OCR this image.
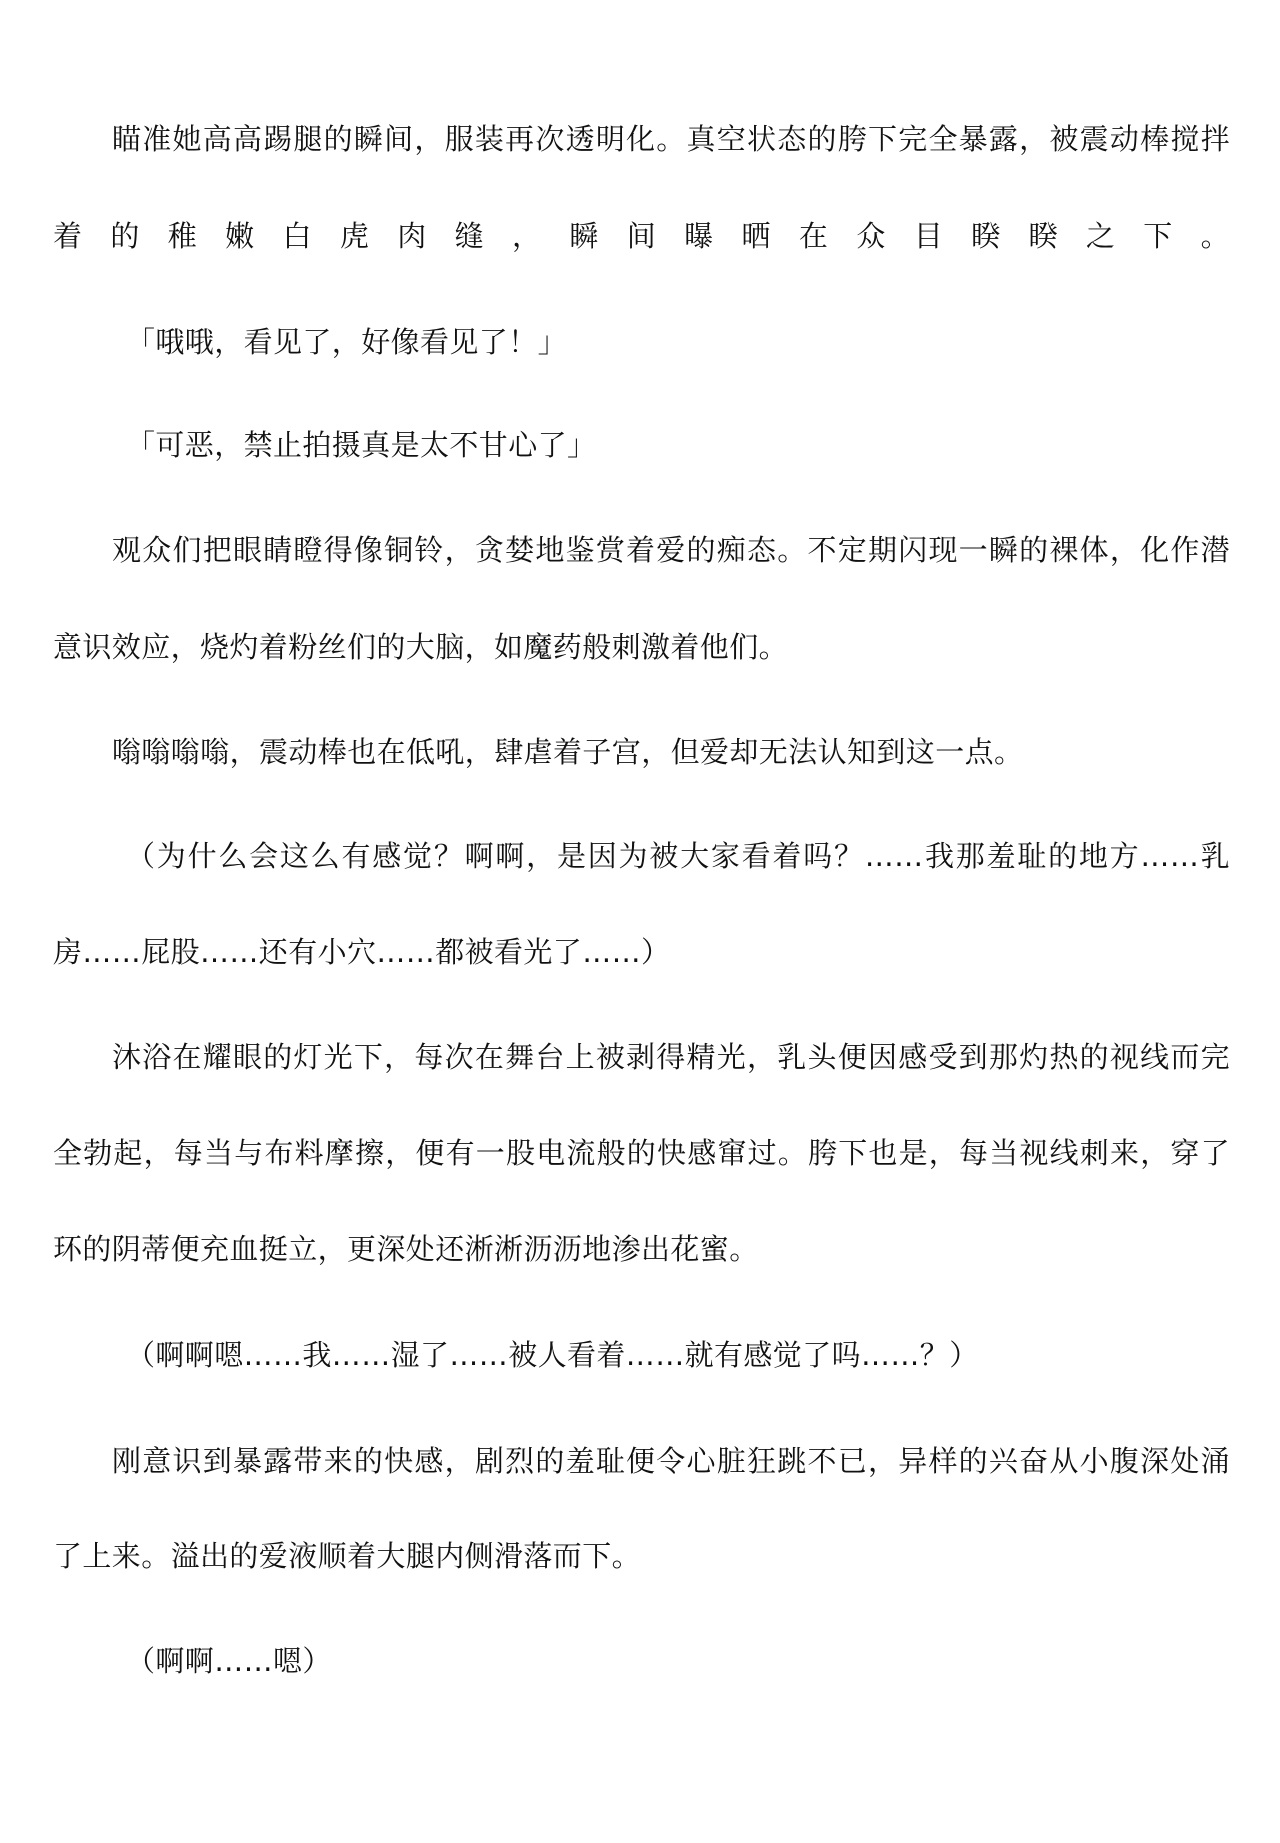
瞄准她高高踢腿的瞬间，服装再次透明化。真空状态的胯下完全暴露，被震动棒搅拌
着的稚嫩白虎肉缝，瞬间曝晒在众目睽睽之下。
「哦哦，看见了，好像看见了！」
「可恶，禁止拍摄真是太不甘心了」
观众们把眼睛瞪得像铜铃，贪婪地鉴赏着爱的痴态。不定期闪现一瞬的裸体，化作潜
意识效应，烧灼着粉丝们的大脑，如魔药般刺激着他们。
嗡嗡嗡嗡，震动棒也在低吼，肆虐着子宫，但爱却无法认知到这一点。
（为什么会这么有感觉？啊啊，是因为被大家看着吗？……我那羞耻的地方……乳
房……屁股……还有小穴……都被看光了……）
沐浴在耀眼的灯光下，每次在舞台上被剥得精光，乳头便因感受到那灼热的视线而完
全勃起，每当与布料摩擦，便有一股电流般的快感窜过。胯下也是，每当视线刺来，穿了
环的阴蒂便充血挺立，更深处还淅淅沥沥地渗出花蜜。
（啊啊嗯……我……湿了……被人看着……就有感觉了吗……？）
刚意识到暴露带来的快感，剧烈的羞耻便令心脏狂跳不已，异样的兴奋从小腹深处涌
了上来。溢出的爱液顺着大腿内侧滑落而下。
（啊啊……嗯）
